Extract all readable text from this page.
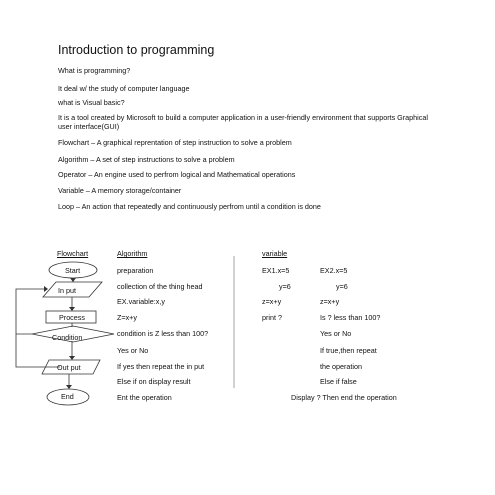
Introduction to programming
What is programming?
It deal w/ the study of computer language
what is Visual basic?
It is a tool created by Microsoft to build a computer application in a user-friendly environment that supports Graphical user interface(GUI)
Flowchart – A graphical reprentation of step instruction to solve a problem
Algorithm – A set of step instructions to solve a problem
Operator – An engine used to perfrom logical and Mathematical operations
Variable – A memory storage/container
Loop – An action that repeatedly and continuously perfrom until a condition is done
Flowchart	Algorithm	variable
Start
In put
Process
Condition
Out put
End
preparation
collection of the thing head
EX.variable:x,y
Z=x+y
condition is Z less than 100?
Yes or No
If yes then repeat the in put
Else if on display result
Ent the operation
EX1.x=5
y=6
z=x+y
print ?
EX2.x=5
y=6
z=x+y
Is ? less than 100?
Yes or No
If true,then repeat
the operation
Else if false
Display ? Then end the operation
